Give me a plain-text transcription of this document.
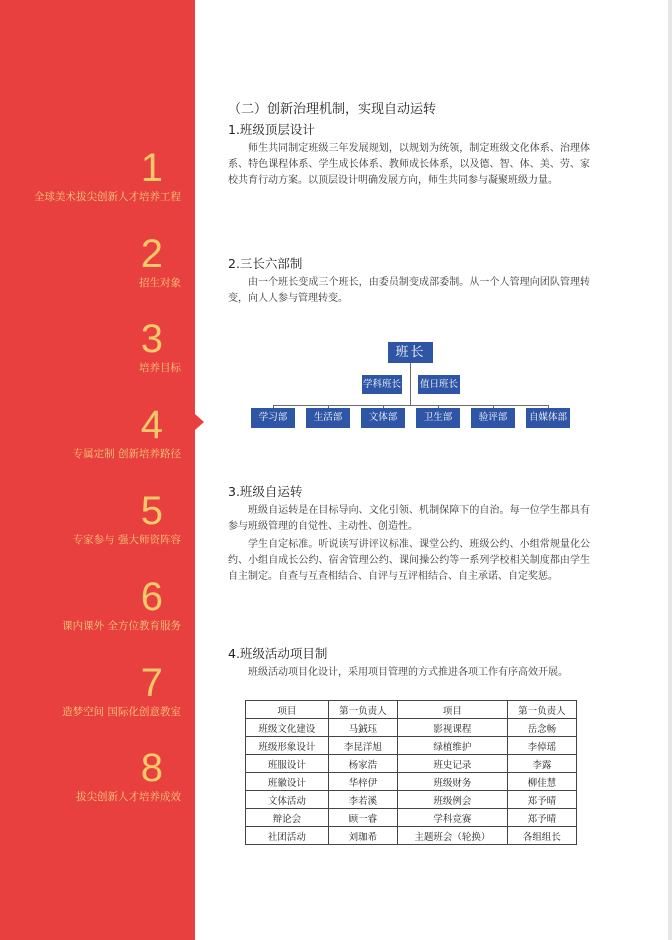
1
全球美术拔尖创新人才培养工程
2
招生对象
3
培养目标
4
专属定制 创新培养路径
5
专家参与 强大师资阵容
6
课内课外 全方位教育服务
7
造梦空间 国际化创意教室
8
拔尖创新人才培养成效
（二）创新治理机制，实现自动运转
1.班级顶层设计
师生共同制定班级三年发展规划，以规划为统领，制定班级文化体系、治理体系、特色课程体系、学生成长体系、教师成长体系，以及德、智、体、美、劳、家校共育行动方案。以顶层设计明确发展方向，师生共同参与凝聚班级力量。
2.三长六部制
由一个班长变成三个班长，由委员制变成部委制。从一个人管理向团队管理转变，向人人参与管理转变。
班长
学科班长 值日班长
学习部	生活部	文体部	卫生部	验评部	自媒体部
3.班级自运转
班级自运转是在目标导向、文化引领、机制保障下的自治。每一位学生都具有参与班级管理的自觉性、主动性、创造性。
学生自定标准。听说读写讲评议标准、课堂公约、班级公约、小组常规量化公约、小组自成长公约、宿舍管理公约、课间操公约等一系列学校相关制度都由学生自主制定。自查与互查相结合、自评与互评相结合、自主承诺、自定奖惩。
4.班级活动项目制
班级活动项目化设计，采用项目管理的方式推进各项工作有序高效开展。
项目	第一负责人	项目	第一负责人
班级文化建设	马銊珏	影视课程	岳念畅
班级形象设计	李昆洋旭	绿植维护	李倬瑶
班服设计	杨家浩	班史记录	李露
班徽设计	华梓伊	班级财务	柳佳慧
文体活动	李若溪	班级例会	郑予晴
辩论会	顾一睿	学科竞赛	郑予晴
社团活动	刘珈希	主题班会（轮换）	各组组长
